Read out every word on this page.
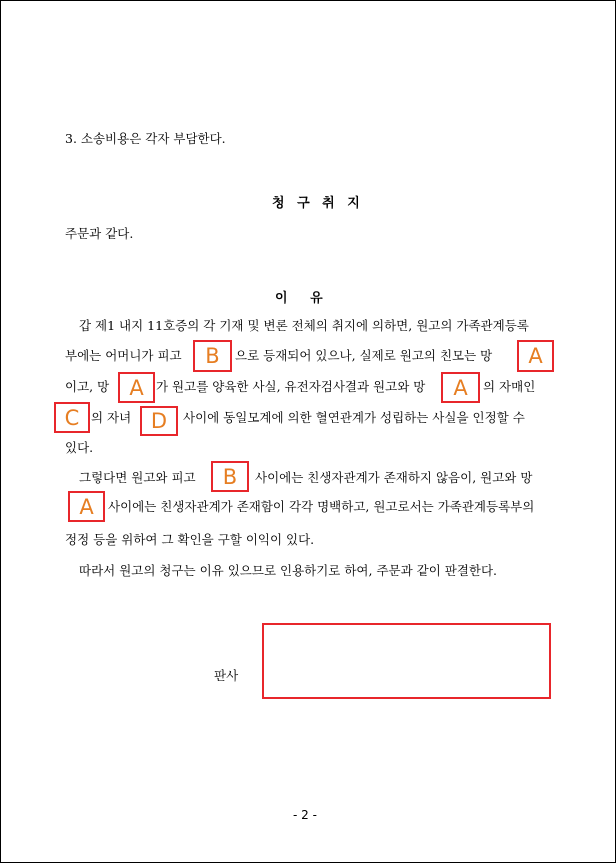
3. 소송비용은 각자 부담한다.
청 구 취 지
주문과 같다.
이     유
갑 제1 내지 11호증의 각 기재 및 변론 전체의 취지에 의하면, 원고의 가족관계등록
부에는 어머니가 피고	B	으로 등재되어 있으나, 실제로 원고의 친모는 망	A
이고, 망 A 가 원고를 양육한 사실, 유전자검사결과 원고와 망	A	의 자매인
C 의 자녀 D	사이에 동일모계에 의한 혈연관계가 성립하는 사실을 인정할 수
있다.
그렇다면 원고와 피고	B	사이에는 친생자관계가 존재하지 않음이, 원고와 망
A	사이에는 친생자관계가 존재함이 각각 명백하고, 원고로서는 가족관계등록부의
정정 등을 위하여 그 확인을 구할 이익이 있다.
따라서 원고의 청구는 이유 있으므로 인용하기로 하여, 주문과 같이 판결한다.
판사
- 2 -
